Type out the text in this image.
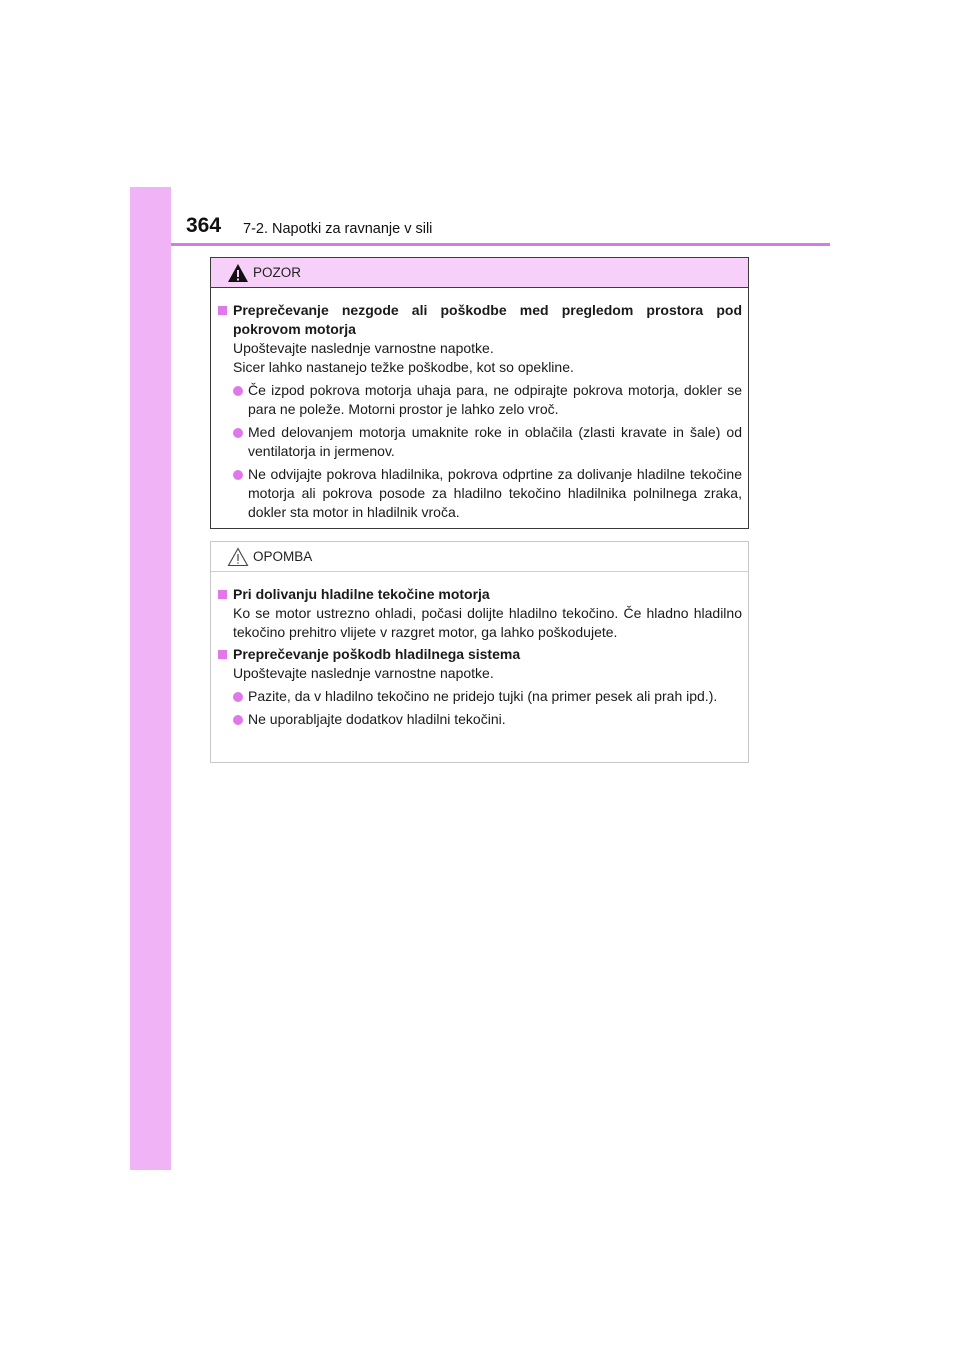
364 7-2. Napotki za ravnanje v sili
POZOR
Preprečevanje nezgode ali poškodbe med pregledom prostora pod pokrovom motorja
Upoštevajte naslednje varnostne napotke.
Sicer lahko nastanejo težke poškodbe, kot so opekline.
Če izpod pokrova motorja uhaja para, ne odpirajte pokrova motorja, dokler se para ne poleže. Motorni prostor je lahko zelo vroč.
Med delovanjem motorja umaknite roke in oblačila (zlasti kravate in šale) od ventilatorja in jermenov.
Ne odvijajte pokrova hladilnika, pokrova odprtine za dolivanje hladilne tekočine motorja ali pokrova posode za hladilno tekočino hladilnika polnilnega zraka, dokler sta motor in hladilnik vroča.
OPOMBA
Pri dolivanju hladilne tekočine motorja
Ko se motor ustrezno ohladi, počasi dolijte hladilno tekočino. Če hladno hladilno tekočino prehitro vlijete v razgret motor, ga lahko poškodujete.
Preprečevanje poškodb hladilnega sistema
Upoštevajte naslednje varnostne napotke.
Pazite, da v hladilno tekočino ne pridejo tujki (na primer pesek ali prah ipd.).
Ne uporabljajte dodatkov hladilni tekočini.
